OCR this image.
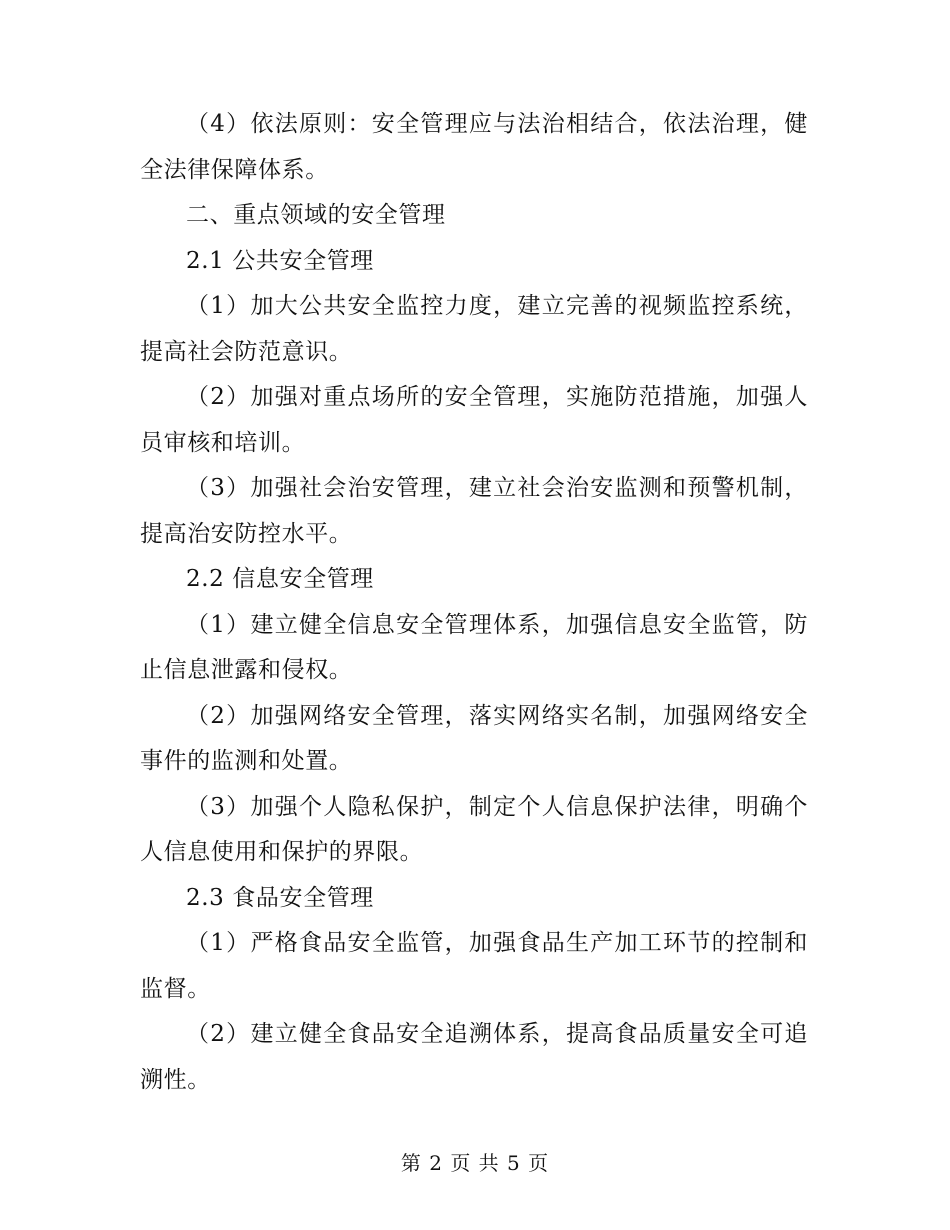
（4）依法原则：安全管理应与法治相结合，依法治理，健全法律保障体系。

二、重点领域的安全管理

2.1 公共安全管理

（1）加大公共安全监控力度，建立完善的视频监控系统，提高社会防范意识。

（2）加强对重点场所的安全管理，实施防范措施，加强人员审核和培训。

（3）加强社会治安管理，建立社会治安监测和预警机制，提高治安防控水平。

2.2 信息安全管理

（1）建立健全信息安全管理体系，加强信息安全监管，防止信息泄露和侵权。

（2）加强网络安全管理，落实网络实名制，加强网络安全事件的监测和处置。

（3）加强个人隐私保护，制定个人信息保护法律，明确个人信息使用和保护的界限。

2.3 食品安全管理

（1）严格食品安全监管，加强食品生产加工环节的控制和监督。

（2）建立健全食品安全追溯体系，提高食品质量安全可追溯性。

第 2 页 共 5 页
